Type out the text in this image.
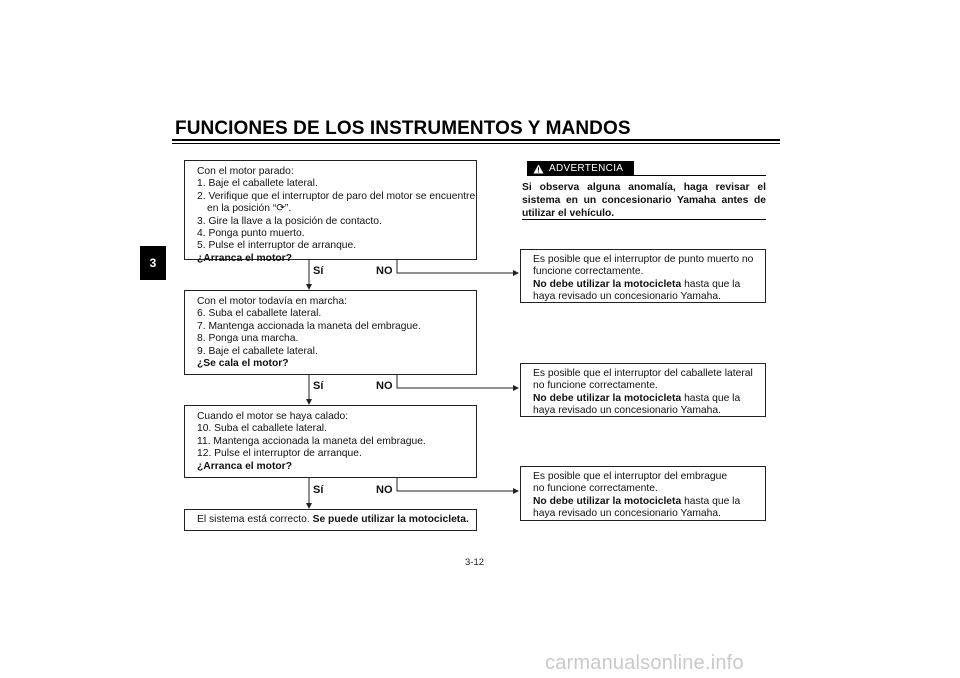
FUNCIONES DE LOS INSTRUMENTOS Y MANDOS
3
Con el motor parado:
1. Baje el caballete lateral.
2. Verifique que el interruptor de paro del motor se encuentre
en la posición “⟳”.
3. Gire la llave a la posición de contacto.
4. Ponga punto muerto.
5. Pulse el interruptor de arranque.
¿Arranca el motor?
Sí	NO
Con el motor todavía en marcha:
6. Suba el caballete lateral.
7. Mantenga accionada la maneta del embrague.
8. Ponga una marcha.
9. Baje el caballete lateral.
¿Se cala el motor?
Sí	NO
Cuando el motor se haya calado:
10. Suba el caballete lateral.
11. Mantenga accionada la maneta del embrague.
12. Pulse el interruptor de arranque.
¿Arranca el motor?
Sí	NO
El sistema está correcto. Se puede utilizar la motocicleta.
ADVERTENCIA
Si observa alguna anomalía, haga revisar el sistema en un concesionario Yamaha antes de utilizar el vehículo.
Es posible que el interruptor de punto muerto no
funcione correctamente.
No debe utilizar la motocicleta hasta que la
haya revisado un concesionario Yamaha.
Es posible que el interruptor del caballete lateral
no funcione correctamente.
No debe utilizar la motocicleta hasta que la
haya revisado un concesionario Yamaha.
Es posible que el interruptor del embrague
no funcione correctamente.
No debe utilizar la motocicleta hasta que la
haya revisado un concesionario Yamaha.
3-12
carmanualsonline.info
